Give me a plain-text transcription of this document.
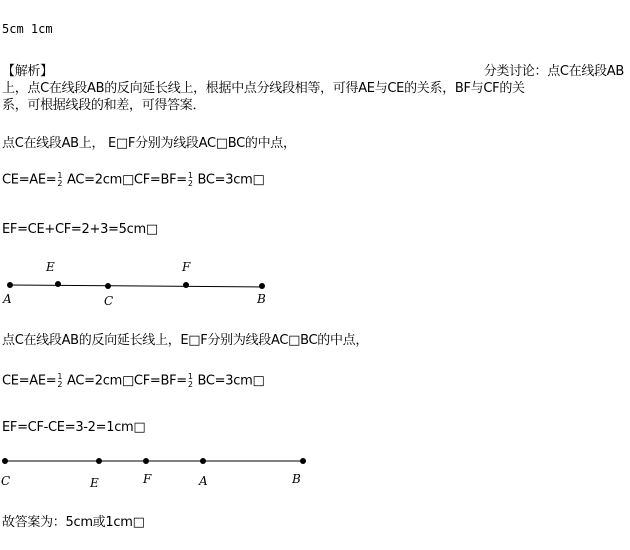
5cm 1cm
【解析】	分类讨论：点C在线段AB
上，点C在线段AB的反向延长线上，根据中点分线段相等，可得AE与CE的关系，BF与CF的关
系，可根据线段的和差，可得答案．
点C在线段AB上， E□F分别为线段AC□BC的中点，
CE=AE= 1
2 AC=2cm□CF=BF= 1
2 BC=3cm□
EF=CE+CF=2+3=5cm□
A
E
C
F
B
点C在线段AB的反向延长线上，E□F分别为线段AC□BC的中点，
CE=AE= 1
2 AC=2cm□CF=BF= 1
2 BC=3cm□
EF=CF-CE=3-2=1cm□
C	E	F	A	B
故答案为：5cm或1cm□
